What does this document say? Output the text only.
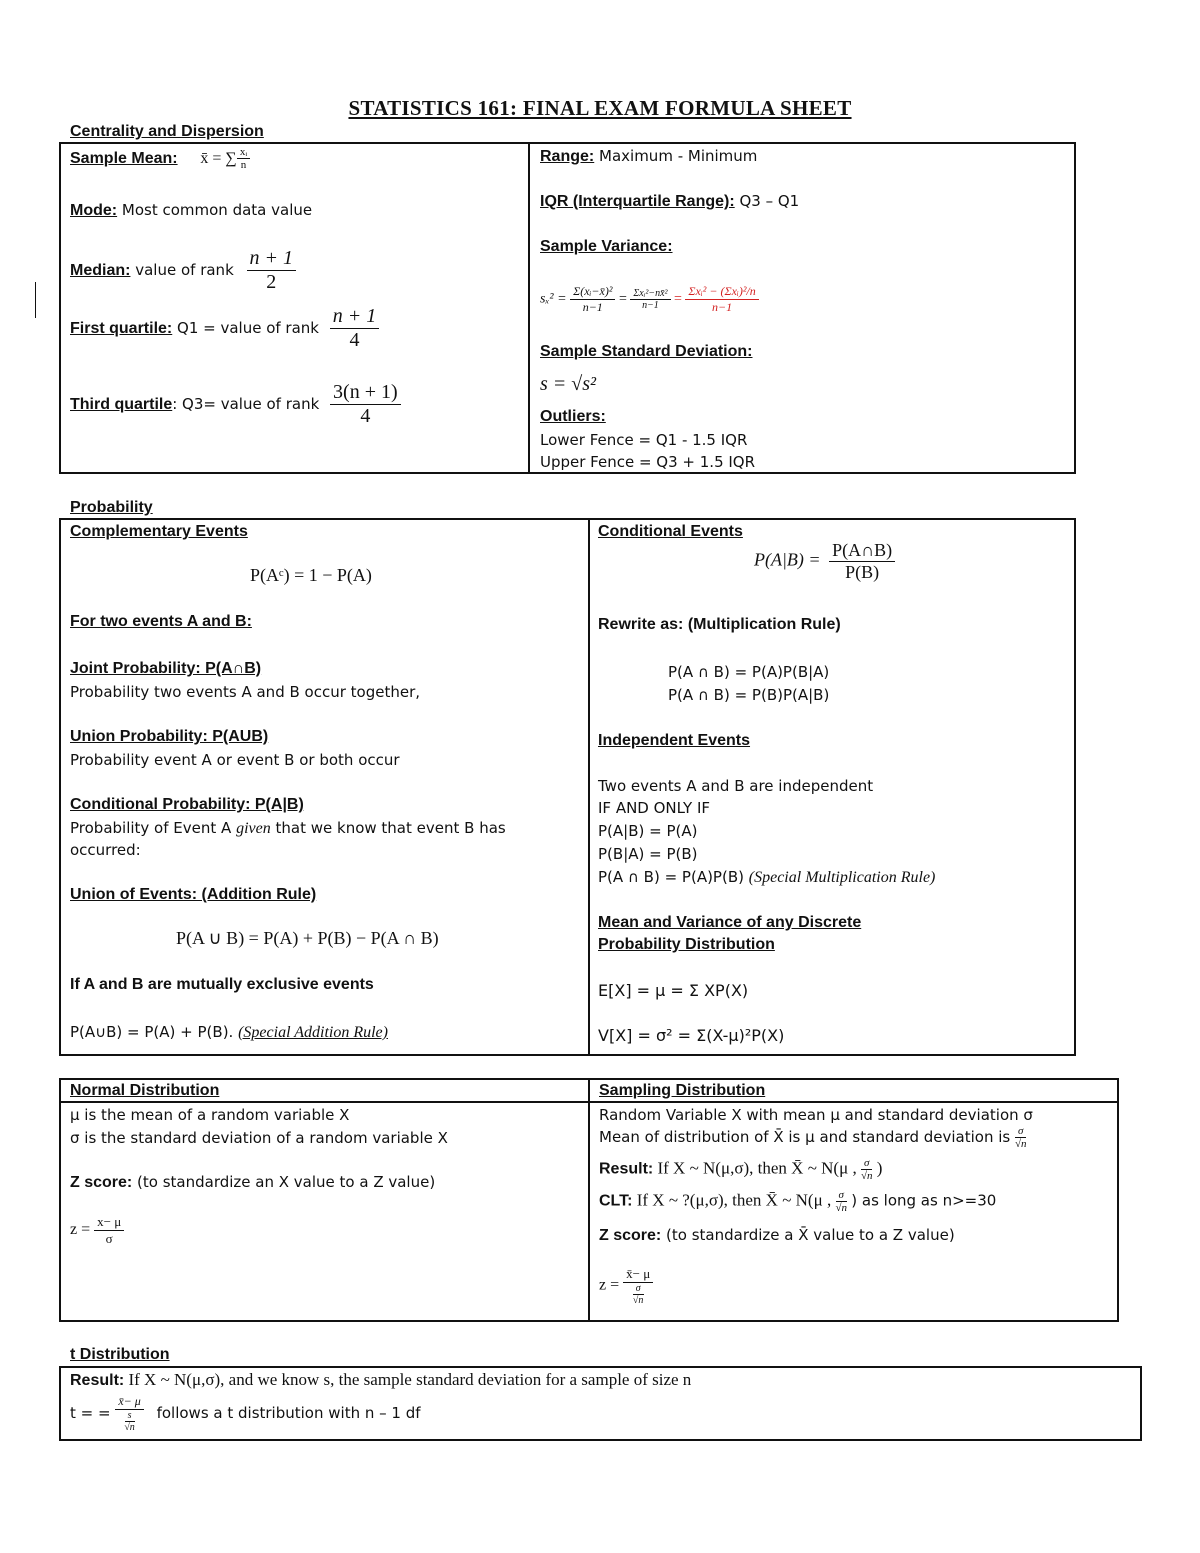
STATISTICS 161: FINAL EXAM FORMULA SHEET
Centrality and Dispersion
Sample Mean: x̄ = ∑ $\frac{\text{xᵢ}}{n}$
Mode: Most common data value
Median: value of rank $\frac{n + 1}{2}$
First quartile: Q1 = value of rank $\frac{n + 1}{4}$
Third quartile: Q3= value of rank $\frac{3(n + 1)}{4}$
Range: Maximum - Minimum
IQR (Interquartile Range): Q3 – Q1
Sample Variance:
$s_x^2 = \frac{\text{Σ(xᵢ−x̄)²}}{n-1} = \frac{\text{Σxᵢ²−nx̄²}}{n-1} = \frac{\text{Σxᵢ² − (Σxᵢ)²/n}}{n-1}$
Sample Standard Deviation:
s = √s²
Outliers:
Lower Fence = Q1 - 1.5 IQR
Upper Fence = Q3 + 1.5 IQR
Probability
Complementary Events
P(Aᶜ) = 1 − P(A)
For two events A and B:
Joint Probability: P(A∩B)
Probability two events A and B occur together,
Union Probability: P(AUB)
Probability event A or event B or both occur
Conditional Probability: P(A|B)
Probability of Event A given that we know that event B has
occurred:
Union of Events: (Addition Rule)
P(A ∪ B) = P(A) + P(B) − P(A ∩ B)
If A and B are mutually exclusive events
P(A∪B) = P(A) + P(B). (Special Addition Rule)
Conditional Events
$P(A|B) = \frac{P(A\cap B)}{P(B)}$
Rewrite as: (Multiplication Rule)
P(A ∩ B) = P(A)P(B|A)
P(A ∩ B) = P(B)P(A|B)
Independent Events
Two events A and B are independent
IF AND ONLY IF
P(A|B) = P(A)
P(B|A) = P(B)
P(A ∩ B) = P(A)P(B) (Special Multiplication Rule)
Mean and Variance of any Discrete
Probability Distribution
E[X] = μ = Σ XP(X)
V[X] = σ² = Σ(X-μ)²P(X)
Normal Distribution
μ is the mean of a random variable X
σ is the standard deviation of a random variable X
Z score: (to standardize an X value to a Z value)
$z = \frac{x- \mu}{\sigma}$
Sampling Distribution
Random Variable X with mean μ and standard deviation σ
Mean of distribution of X̄ is μ and standard deviation is $\frac{\sigma}{√n}$
Result: If X ~ N(μ,σ), then X̄ ~ N(μ , $\frac{\sigma}{√n}$ )
CLT: If X ~ ?(μ,σ), then X̄ ~ N(μ , $\frac{\sigma}{√n}$ ) as long as n>=30
Z score: (to standardize a X̄ value to a Z value)
$z = \frac{x̄- \mu}{\frac{\sigma}{√n}}$
t Distribution
Result: If X ~ N(μ,σ), and we know s, the sample standard deviation for a sample of size n
t = = $\frac{x̄- \mu}{\frac{s}{√n}}$ follows a t distribution with n – 1 df
